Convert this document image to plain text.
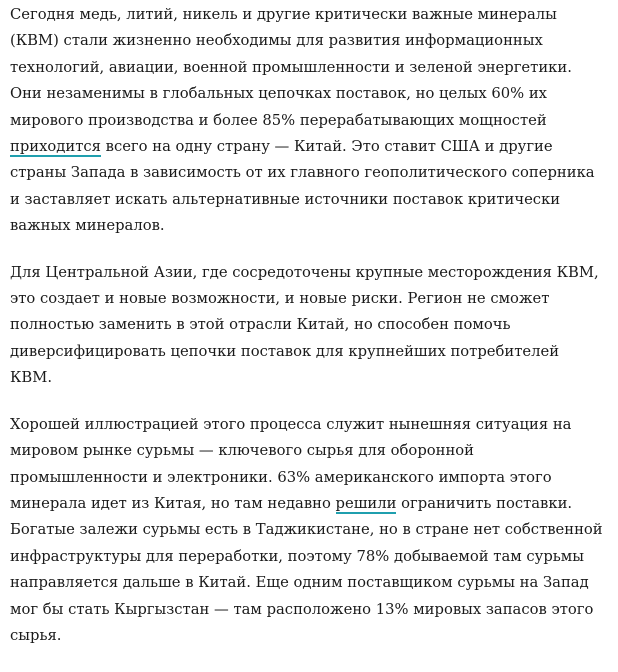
Сегодня медь, литий, никель и другие критически важные минералы
(КВМ) стали жизненно необходимы для развития информационных
технологий, авиации, военной промышленности и зеленой энергетики.
Они незаменимы в глобальных цепочках поставок, но целых 60% их
мирового производства и более 85% перерабатывающих мощностей
приходится всего на одну страну — Китай. Это ставит США и другие
страны Запада в зависимость от их главного геополитического соперника
и заставляет искать альтернативные источники поставок критически
важных минералов.

Для Центральной Азии, где сосредоточены крупные месторождения КВМ,
это создает и новые возможности, и новые риски. Регион не сможет
полностью заменить в этой отрасли Китай, но способен помочь
диверсифицировать цепочки поставок для крупнейших потребителей
КВМ.

Хорошей иллюстрацией этого процесса служит нынешняя ситуация на
мировом рынке сурьмы — ключевого сырья для оборонной
промышленности и электроники. 63% американского импорта этого
минерала идет из Китая, но там недавно решили ограничить поставки.
Богатые залежи сурьмы есть в Таджикистане, но в стране нет собственной
инфраструктуры для переработки, поэтому 78% добываемой там сурьмы
направляется дальше в Китай. Еще одним поставщиком сурьмы на Запад
мог бы стать Кыргызстан — там расположено 13% мировых запасов этого
сырья.
